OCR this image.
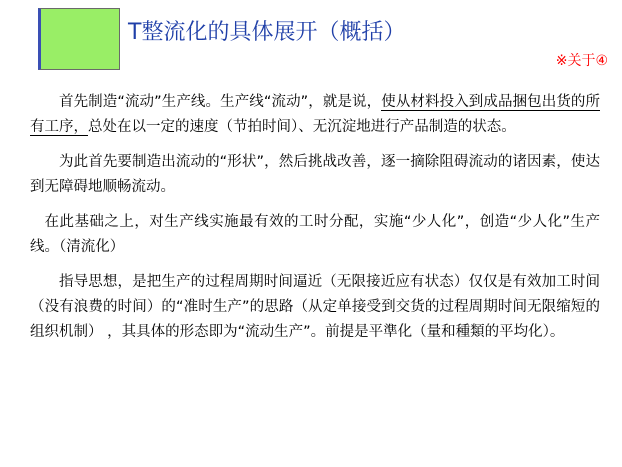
T整流化的具体展开（概括）
※关于④

首先制造“流动”生产线。生产线“流动”，就是说，使从材料投入到成品捆包出货的所有工序，总处在以一定的速度（节拍时间）、无沉淀地进行产品制造的状态。

为此首先要制造出流动的“形状”，然后挑战改善，逐一摘除阻碍流动的诸因素，使达到无障碍地顺畅流动。

在此基础之上，对生产线实施最有效的工时分配，实施“少人化”，创造“少人化”生产线。（清流化）

指导思想，是把生产的过程周期时间逼近（无限接近应有状态）仅仅是有效加工时间（没有浪费的时间）的“准时生产”的思路（从定单接受到交货的过程周期时间无限缩短的组织机制） ，其具体的形态即为“流动生产”。前提是平準化（量和種類的平均化）。
